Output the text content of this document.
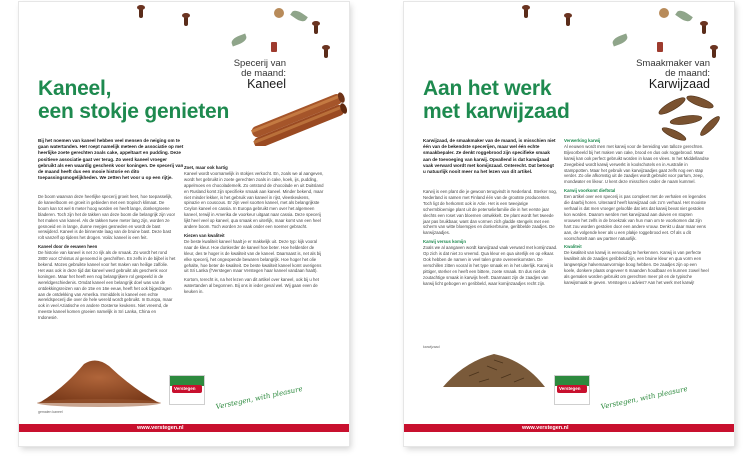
Specerij van de maand:
Kaneel
Kaneel,
een stokje genieten

Bij het noemen van kaneel hebben veel mensen de neiging om te gaan watertanden. Het roept namelijk meteen de associatie op met heerlijke zoete gerechten zoals cake, appeltaart en pudding. Deze positieve associatie gaat ver terug. Zo werd kaneel vroeger gebruikt als een waardig geschenk voor koningen. De specerij van de maand heeft dus een mooie historie en dito toepassingsmogelijkheden. We zetten het voor u op een rijtje.

De boom waarvan deze heerlijke specerij groeit heet, hoe toepasselijk, de kaneelboom en groeit in gebieden met een tropisch klimaat. De boom kan tot wel 6 meter hoog worden en heeft lange, donkergroene bladeren. Toch zijn het de takken van deze boom die belangrijk zijn voor het maken van kaneel. Als de takken twee meter lang zijn, worden ze gesnoeid en in lange, dunne reepjes gesneden en wordt de bast verwijderd. Kaneel is de binnenste laag van de bruine bast. Deze bast rolt vanzelf op tijdens het drogen. Voila: kaneel is een feit.

Kaneel door de eeuwen heen

De historie van kaneel is net zo rijk als de smaak. Zo wordt het rond 2800 voor Christus al genoemd in geschriften. En zelfs in de bijbel is het bekend. Mozes gebruikte kaneel voor het maken van heilige zalfolie. Het was ook in deze tijd dat kaneel werd gebruikt als geschenk voor koningen. Maar het heeft een nog belangrijkere rol gespeeld in de wereldgeschiedenis. Omdat kaneel een belangrijk doel was van de ontdekkingsreizen van de 15e en 16e eeuw, heeft het ook bijgedragen aan de ontdekking van Amerika. Immiddels is kaneel een echte wereldspecerij die over de hele wereld wordt gebruikt. In Europa, maar ook in veel Aziatische en andere Oosterse keukens. Niet vreemd, de meeste kaneel komen groeien namelijk in Sri Lanka, China en Indonesië.

Zoet, maar ook hartig

Kaneel wordt voornamelijk in stokjes verkocht. En, zoals we al aangeven, wordt het gebruikt in zoete gerechten zoals in cake, koek, ijs, pudding, appelmoes en chocolademelk. Zo ontstond de chocolade en uit Duitsland en Rusland komt zijn specifieke smaak aan kaneel. Minder bekend, maar niet minder lekker, is het gebruik van kaneel in rijst, vleeskeukens, spinazie en couscous. Er zijn veel soorten kaneel, met als belangrijkste Ceylon kaneel en cassia. In Europa gebruikt men over het algemeen kaneel, terwijl in Amerika de voorkeur uitgaat naar cassia. Deze specerij lijkt heel veel op kaneel, qua smaak en uiterlijk, maar komt van een heel andere boom. Toch worden ze vaak onder een noemer gebracht.

Kiezen van kwaliteit

De beste kwaliteit kaneel haalt je er makkelijk uit. Deze typ: kijk vooral naar de kleur. Hoe donkerder de kaneel hoe beter. Hoe helderder de kleur, des te hoger is de kwaliteit van de kaneel. Daarnaast is, net als bij elke specerij, het ongeopende bewaren belangrijk. Hoe hoger het olie gehalte, hoe beter de kwaliteit. De beste kwaliteit kaneel komt overigens uit Sri Lanka (l'Verstegen maar Verstegen haar kaneel vandaan haalt).

Kortom, terecht is, na het lezen van dit artikel over kaneel, ook bij u het watertanden al begonnen. Bij ons in ieder geval wel. Wij gaan even de keuken in.

gemalen kaneel
Verstegen	Verstegen, with pleasure
www.verstegen.nl
Smaakmaker van de maand:
Karwijzaad
Aan het werk
met karwijzaad

Karwijzaad, de smaakmaker van de maand, is misschien niet één van de bekendste specerijen, maar wel één echte smaakbepaler. Ze denkt roggebrood zijn specifieke smaak aan de toevoeging van karwij. Opvallend is dat karwijzaad vaak verward wordt met komijnzaad. Onterecht. Dat betoogt u natuurlijk nooit meer na het lezen van dit artikel.

Karwij is een plant die je gewoon terugvindt in Nederland. Sterker nog, Nederland is samen met Finland één van de grootste producenten. Toch ligt de herkomst ook in Azie. Het is een tweejarige schermbloemige plant uit de peterseliefamilie die in het eerste jaar slechts een roset van bloemen ontwikkelt. De plant wordt het tweede jaar pas bruikbaar, want dan vormen zich gladde stengels met een scherm van witte bloempjes en donkerbruine, geribbelde zaadjes. De karwijzaadjes.

Karwij versus komijn

Zoals we al aangaven wordt karwijzaad vaak verward met komijnzaad. Op zich is dat niet zo vreemd. Qua kleur en qua uiterlijk en op elkaar. Ook hebben de namen in veel talen grote overeenkomsten. De verschillen zitten vooral in het type smaak en in het uiterlijk. Karwij is pittiger, sterker en heeft een bittere, zoete smaak. En dus niet de zoutachtige smaak in karwijs heeft. Daarnaast zijn de zaadjes van karwij licht gebogen en geribbeld, waar komijnzaadjes recht zijn.

Verwerking karwij

Al eeuwen wordt men met karwij voor de bereiding van talloze gerechten. Bijvoorbeeld bij het maken van cake, brood en dus ook roggebrood. Maar karwij kan ook perfect gebruikt worden in kaas en vlees. In het Middellandse Zeegebied wordt karwij verwerkt in koolschotels en in Australië in stamppotten. Maar het gebruik van karwijzaadjes gaat zelfs nog een stap verder. Zo olie afkomstig uit de zaadjes wordt gebruikt voor parfum, zeep, mondwater en likeur. U kent deze misschien onder de naam kummel.

Karwij voorkomt dieftstal

Een artikel over een specerij is pas compleet met de verhalen en legendes die daarbij horen. Uiteraard heeft karwijzaad ook zo'n verhaal. Het mooiste verhaal is dat men vroeger geloofde dat iets dat karwij bevat niet gestolen kon worden. Daarom werden met karwijzaad aan duiven en stopten vrouwen het zelfs in de broekzak van hun man om te voorkomen dat zijn hart zou worden gestolen door een andere vrouw. Denkt u daar maar eens aan, de volgende keer als u een plakje roggebrood eet. Of als u dit voorschotelt aan uw partner natuurlijk.

Kwaliteit

De kwaliteit van karwij is eenvoudig te herkennen. Karwij is van perfecte kwaliteit als de zaadjes geribbeld zijn, een bruine kleur en qua vorm een langwerpige halvemaanvormige boog hebben. De zaadjes zijn op een koele, donkere plaats ongeveer 6 maanden houdbaar en kunnen zowel heel als gemalen worden gebruikt om gerechten meer pit en de typische karwijsmaak te geven. Verstegen u advies? Aan het werk met karwij!

karwijzaad
Verstegen	Verstegen, with pleasure
www.verstegen.nl
